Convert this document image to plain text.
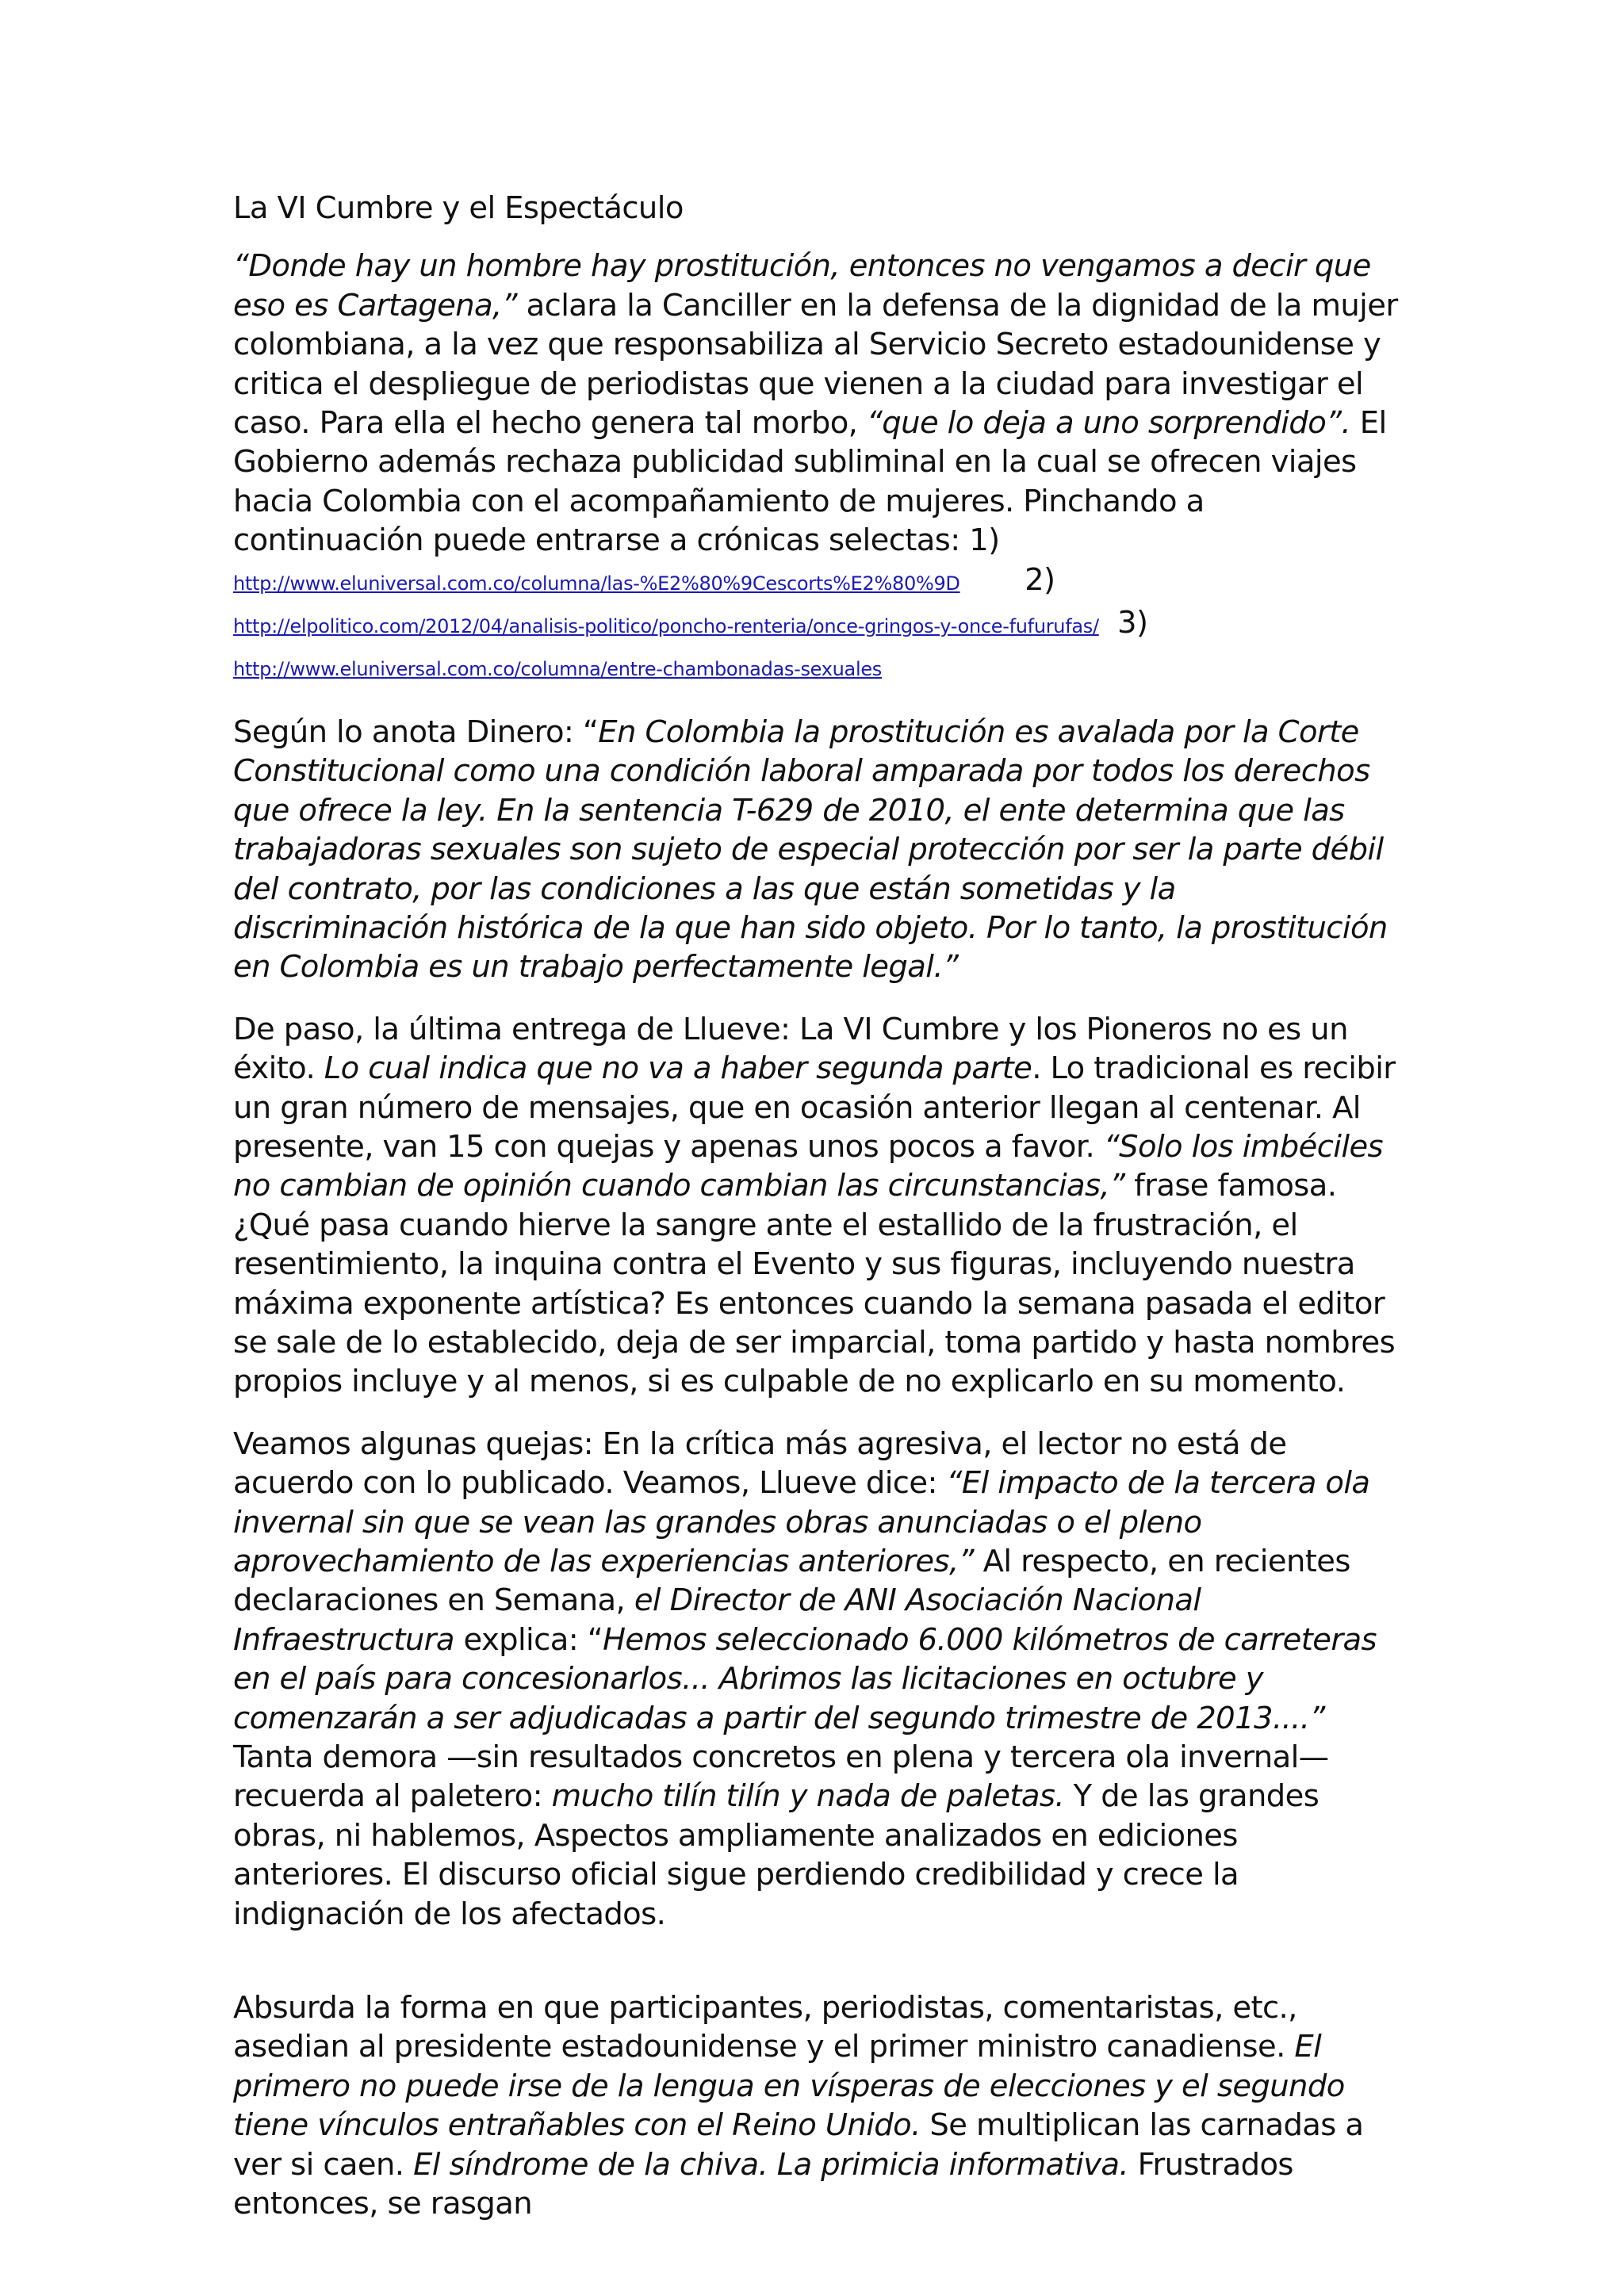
La VI Cumbre y el Espectáculo

“Donde hay un hombre hay prostitución, entonces no vengamos a decir que eso es Cartagena,” aclara la Canciller en la defensa de la dignidad de la mujer colombiana, a la vez que responsabiliza al Servicio Secreto estadounidense y critica el despliegue de periodistas que vienen a la ciudad para investigar el caso. Para ella el hecho genera tal morbo, “que lo deja a uno sorprendido”. El Gobierno además rechaza publicidad subliminal en la cual se ofrecen viajes hacia Colombia con el acompañamiento de mujeres. Pinchando a continuación puede entrarse a crónicas selectas: 1) http://www.eluniversal.com.co/columna/las-%E2%80%9Cescorts%E2%80%9D 2) http://elpolitico.com/2012/04/analisis-politico/poncho-renteria/once-gringos-y-once-fufurufas/ 3) http://www.eluniversal.com.co/columna/entre-chambonadas-sexuales

Según lo anota Dinero: “En Colombia la prostitución es avalada por la Corte Constitucional como una condición laboral amparada por todos los derechos que ofrece la ley. En la sentencia T-629 de 2010, el ente determina que las trabajadoras sexuales son sujeto de especial protección por ser la parte débil del contrato, por las condiciones a las que están sometidas y la discriminación histórica de la que han sido objeto. Por lo tanto, la prostitución en Colombia es un trabajo perfectamente legal.”

De paso, la última entrega de Llueve: La VI Cumbre y los Pioneros no es un éxito. Lo cual indica que no va a haber segunda parte. Lo tradicional es recibir un gran número de mensajes, que en ocasión anterior llegan al centenar. Al presente, van 15 con quejas y apenas unos pocos a favor. “Solo los imbéciles no cambian de opinión cuando cambian las circunstancias,” frase famosa. ¿Qué pasa cuando hierve la sangre ante el estallido de la frustración, el resentimiento, la inquina contra el Evento y sus figuras, incluyendo nuestra máxima exponente artística? Es entonces cuando la semana pasada el editor se sale de lo establecido, deja de ser imparcial, toma partido y hasta nombres propios incluye y al menos, si es culpable de no explicarlo en su momento.

Veamos algunas quejas: En la crítica más agresiva, el lector no está de acuerdo con lo publicado. Veamos, Llueve dice: “El impacto de la tercera ola invernal sin que se vean las grandes obras anunciadas o el pleno aprovechamiento de las experiencias anteriores,” Al respecto, en recientes declaraciones en Semana, el Director de ANI Asociación Nacional Infraestructura explica: “Hemos seleccionado 6.000 kilómetros de carreteras en el país para concesionarlos... Abrimos las licitaciones en octubre y comenzarán a ser adjudicadas a partir del segundo trimestre de 2013....” Tanta demora —sin resultados concretos en plena y tercera ola invernal— recuerda al paletero: mucho tilín tilín y nada de paletas. Y de las grandes obras, ni hablemos, Aspectos ampliamente analizados en ediciones anteriores. El discurso oficial sigue perdiendo credibilidad y crece la indignación de los afectados.

Absurda la forma en que participantes, periodistas, comentaristas, etc., asedian al presidente estadounidense y el primer ministro canadiense. El primero no puede irse de la lengua en vísperas de elecciones y el segundo tiene vínculos entrañables con el Reino Unido. Se multiplican las carnadas a ver si caen. El síndrome de la chiva. La primicia informativa. Frustrados entonces, se rasgan
